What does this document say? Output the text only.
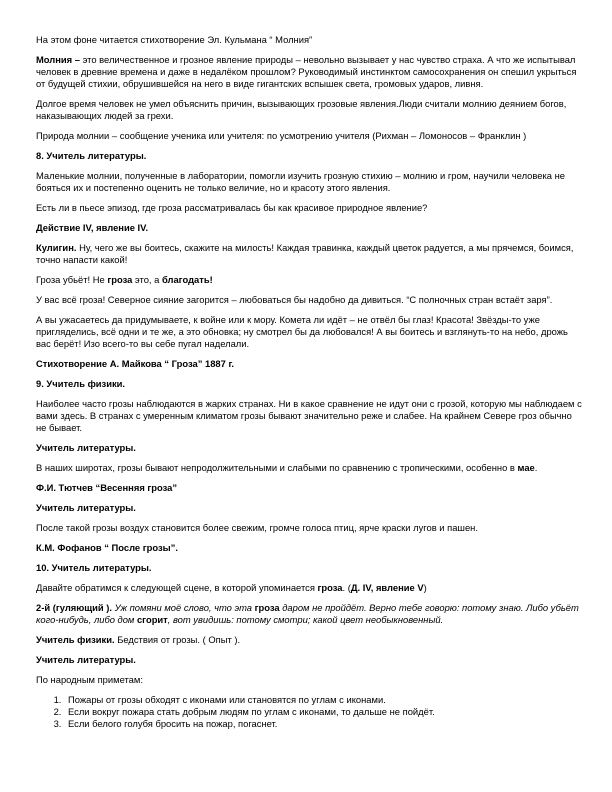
На этом фоне читается стихотворение Эл. Кульмана “ Молния”
Молния – это величественное и грозное явление природы – невольно вызывает у нас чувство страха. А что же испытывал человек в древние времена и даже в недалёком прошлом? Руководимый инстинктом самосохранения он спешил укрыться от будущей стихии, обрушившейся на него в виде гигантских вспышек света, громовых ударов, ливня.
Долгое время человек не умел объяснить причин, вызывающих грозовые явления.Люди считали молнию деянием богов, наказывающих людей за грехи.
Природа молнии – сообщение ученика или учителя: по усмотрению учителя (Рихман – Ломоносов – Франклин )
8. Учитель литературы.
Маленькие молнии, полученные в лаборатории, помогли изучить грозную стихию – молнию и гром, научили человека не бояться их и постепенно оценить не только величие, но и красоту этого явления.
Есть ли в пьесе эпизод, где гроза рассматривалась бы как красивое природное явление?
Действие IV, явление IV.
Кулигин. Ну, чего же вы боитесь, скажите на милость! Каждая травинка, каждый цветок радуется, а мы прячемся, боимся, точно напасти какой!
Гроза убьёт! Не гроза это, а благодать!
У вас всё гроза! Северное сияние загорится – любоваться бы надобно да дивиться. “С полночных стран встаёт заря”.
А вы ужасаетесь да придумываете, к войне или к мору. Комета ли идёт – не отвёл бы глаз! Красота! Звёзды-то уже пригляделись, всё одни и те же, а это обновка; ну смотрел бы да любовался! А вы боитесь и взглянуть-то на небо, дрожь вас берёт! Изо всего-то вы себе пугал наделали.
Стихотворение А. Майкова “ Гроза” 1887 г.
9. Учитель физики.
Наиболее часто грозы наблюдаются в жарких странах. Ни в какое сравнение не идут они с грозой, которую мы наблюдаем с вами здесь. В странах с умеренным климатом грозы бывают значительно реже и слабее. На крайнем Севере гроз обычно не бывает.
Учитель литературы.
В наших широтах, грозы бывают непродолжительными и слабыми по сравнению с тропическими, особенно в мае.
Ф.И. Тютчев “Весенняя гроза”
Учитель литературы.
После такой грозы воздух становится более свежим, громче голоса птиц, ярче краски лугов и пашен.
К.М. Фофанов “ После грозы”.
10. Учитель литературы.
Давайте обратимся к следующей сцене, в которой упоминается гроза. (Д. IV, явление V)
2-й (гуляющий ). Уж помяни моё слово, что эта гроза даром не пройдёт. Верно тебе говорю: потому знаю. Либо убьёт кого-нибудь, либо дом сгорит, вот увидишь: потому смотри; какой цвет необыкновенный.
Учитель физики. Бедствия от грозы. ( Опыт ).
Учитель литературы.
По народным приметам:
1. Пожары от грозы обходят с иконами или становятся по углам с иконами.
2. Если вокруг пожара стать добрым людям по углам с иконами, то дальше не пойдёт.
3. Если белого голубя бросить на пожар, погаснет.
